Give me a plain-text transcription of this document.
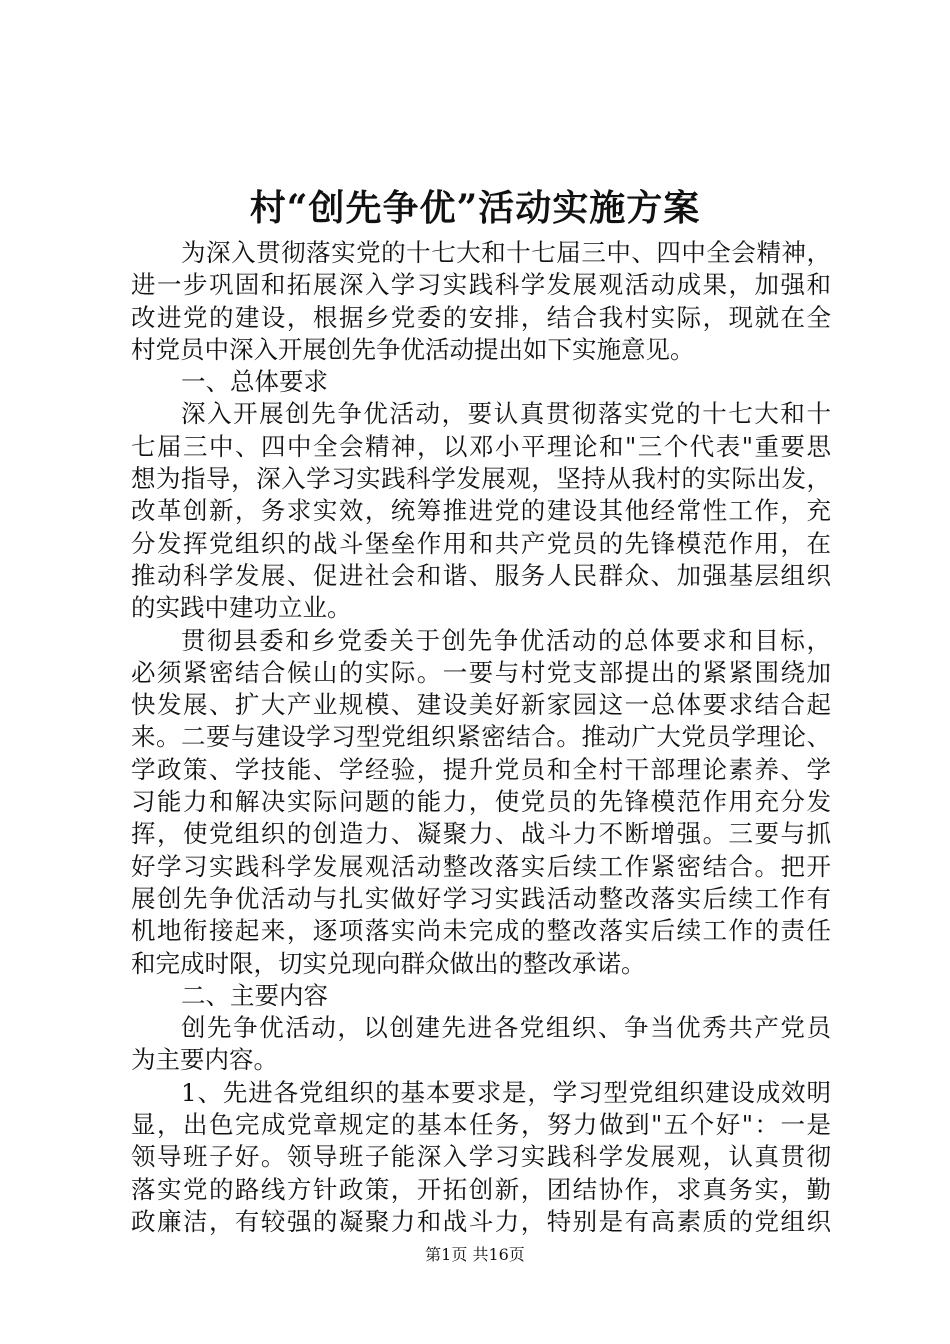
村“创先争优”活动实施方案
为深入贯彻落实党的十七大和十七届三中、四中全会精神，
进一步巩固和拓展深入学习实践科学发展观活动成果，加强和
改进党的建设，根据乡党委的安排，结合我村实际，现就在全
村党员中深入开展创先争优活动提出如下实施意见。
一、总体要求
深入开展创先争优活动，要认真贯彻落实党的十七大和十
七届三中、四中全会精神，以邓小平理论和"三个代表"重要思
想为指导，深入学习实践科学发展观，坚持从我村的实际出发，
改革创新，务求实效，统筹推进党的建设其他经常性工作，充
分发挥党组织的战斗堡垒作用和共产党员的先锋模范作用，在
推动科学发展、促进社会和谐、服务人民群众、加强基层组织
的实践中建功立业。
贯彻县委和乡党委关于创先争优活动的总体要求和目标，
必须紧密结合候山的实际。一要与村党支部提出的紧紧围绕加
快发展、扩大产业规模、建设美好新家园这一总体要求结合起
来。二要与建设学习型党组织紧密结合。推动广大党员学理论、
学政策、学技能、学经验，提升党员和全村干部理论素养、学
习能力和解决实际问题的能力，使党员的先锋模范作用充分发
挥，使党组织的创造力、凝聚力、战斗力不断增强。三要与抓
好学习实践科学发展观活动整改落实后续工作紧密结合。把开
展创先争优活动与扎实做好学习实践活动整改落实后续工作有
机地衔接起来，逐项落实尚未完成的整改落实后续工作的责任
和完成时限，切实兑现向群众做出的整改承诺。
二、主要内容
创先争优活动，以创建先进各党组织、争当优秀共产党员
为主要内容。
1、先进各党组织的基本要求是，学习型党组织建设成效明
显，出色完成党章规定的基本任务，努力做到"五个好"：一是
领导班子好。领导班子能深入学习实践科学发展观，认真贯彻
落实党的路线方针政策，开拓创新，团结协作，求真务实，勤
政廉洁，有较强的凝聚力和战斗力，特别是有高素质的党组织
第1页 共16页
